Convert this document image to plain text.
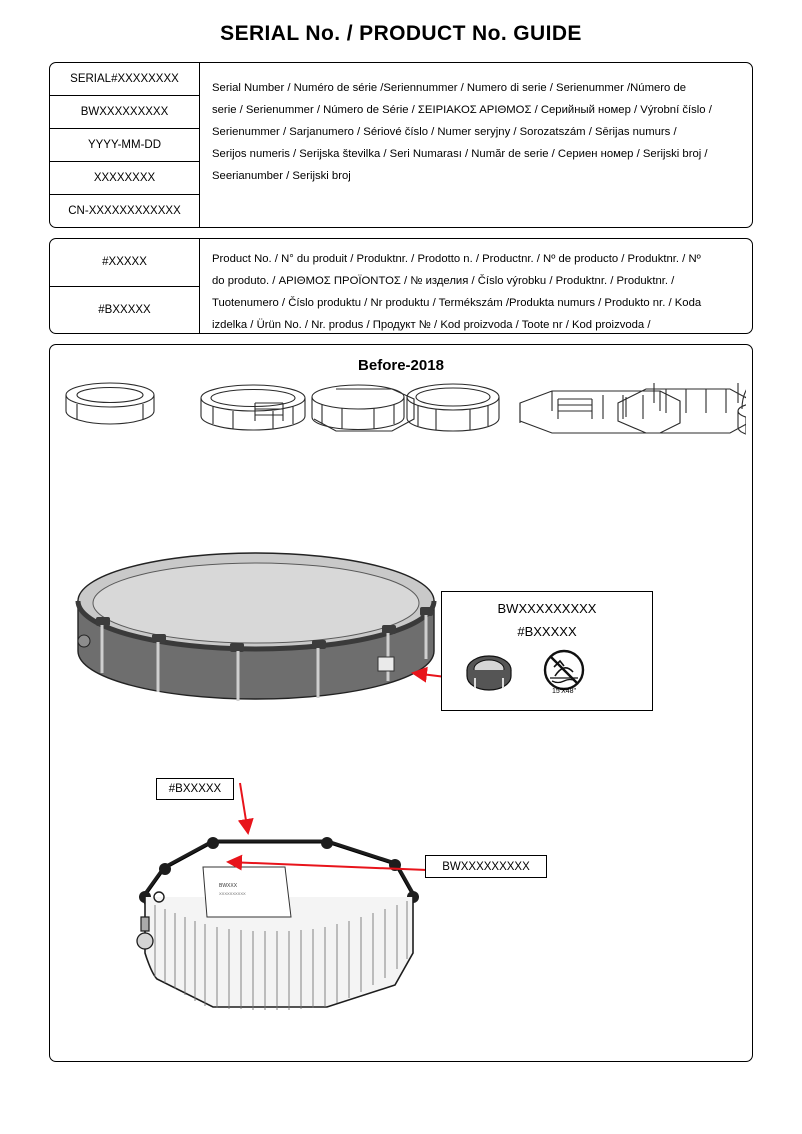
SERIAL No. / PRODUCT No. GUIDE
SERIAL#XXXXXXXX
BWXXXXXXXXX
YYYY-MM-DD
XXXXXXXX
CN-XXXXXXXXXXXX
Serial Number / Numéro de série /Seriennummer / Numero di serie / Serienummer /Número de
serie / Serienummer / Número de Série / ΣΕΙΡΙΑΚΟΣ ΑΡΙΘΜΟΣ / Серийный номер / Výrobní číslo /
Serienummer / Sarjanumero / Sériové číslo / Numer seryjny / Sorozatszám / Sērijas numurs /
Serijos numeris / Serijska številka / Seri Numarası / Număr de serie / Сериен номер / Serijski broj /
Seerianumber / Serijski broj
#XXXXX
#BXXXXX
Product No. / N° du produit / Produktnr. / Prodotto n. / Productnr. / Nº de producto / Produktnr. / Nº
do produto. / ΑΡΙΘΜΟΣ ΠΡΟΪΟΝΤΟΣ / № изделия / Číslo výrobku / Produktnr. / Produktnr. /
Tuotenumero / Číslo produktu / Nr produktu / Termékszám /Produkta numurs / Produkto nr. / Koda
izdelka / Ürün No. / Nr. produs / Продукт № / Kod proizvoda / Toote nr / Kod proizvoda /
Before-2018
BWXXXXXXXXX
#BXXXXX
15'X48"
BWXXX
XXXXXXXXXX
#BXXXXX
BWXXXXXXXXX
